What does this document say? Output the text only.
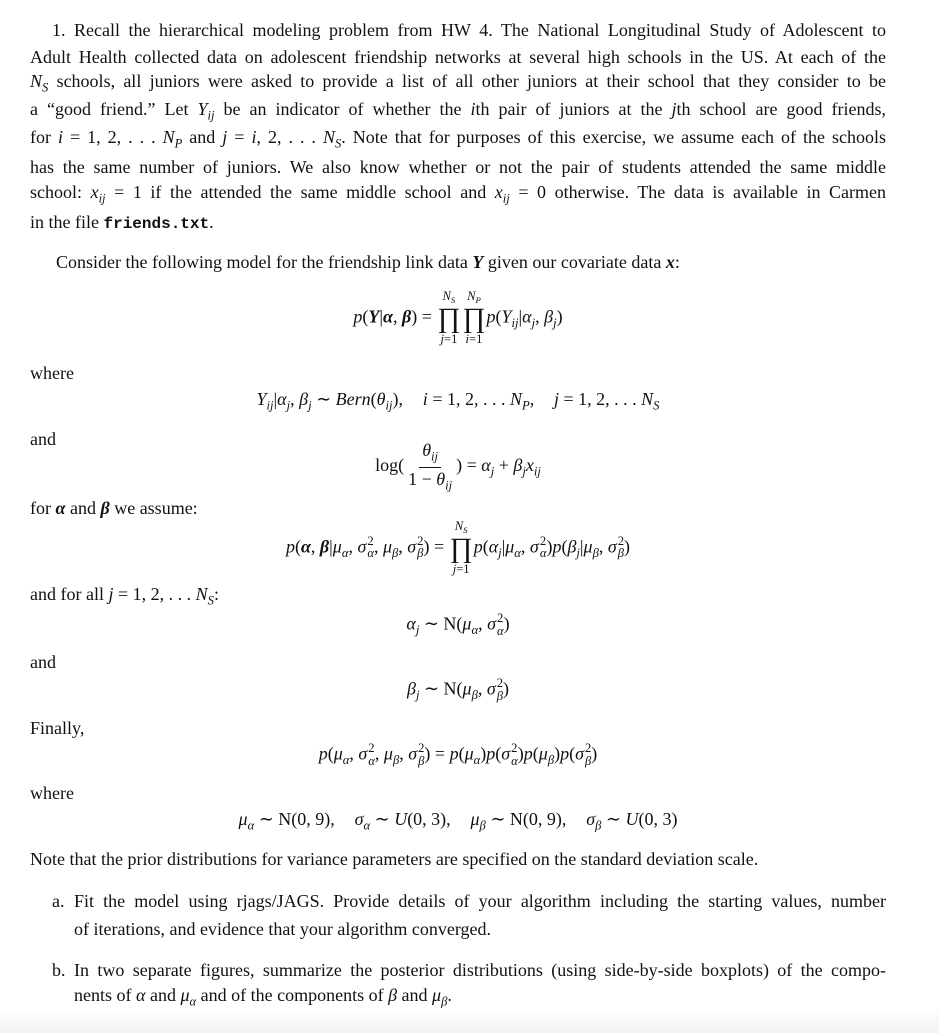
1. Recall the hierarchical modeling problem from HW 4. The National Longitudinal Study of Adolescent to
Adult Health collected data on adolescent friendship networks at several high schools in the US. At each of the
$N_S$ schools, all juniors were asked to provide a list of all other juniors at their school that they consider to be
a “good friend.” Let $Y_{ij}$ be an indicator of whether the ith pair of juniors at the jth school are good friends,
for i = 1, 2, . . . $N_P$ and j = i, 2, . . . $N_S$. Note that for purposes of this exercise, we assume each of the schools
has the same number of juniors. We also know whether or not the pair of students attended the same middle
school: $x_{ij} = 1$ if the attended the same middle school and $x_{ij} = 0$ otherwise. The data is available in Carmen
in the file friends.txt.
Consider the following model for the friendship link data Y given our covariate data x:
p(Y|α, β) =
$N_S$
∏
j=1
$N_P$
∏
i=1
$p(Y_{ij}|\alpha_j$, $\beta_j$)
where
$Y_{ij}|\alpha_j$, $\beta_j$ ∼ $Bern(\theta_{ij})$, i = 1, 2, . . . $N_P$, j = 1, 2, . . . $N_S$
and
$\log( \frac{\theta_{ij}}{1 - \theta_{ij}}$ ) = $\alpha_j + \beta_jx_{ij}$
for α and β we assume:
p(α, $\beta|\mu_\alpha$, σ 2
α , $\mu_\beta$, σ 2
β ) =
$N_S$
∏
j=1
$p(\alpha_j|\mu_\alpha$, σ 2
α )$p(\beta_j|\mu_\beta$, σ 2
β )
and for all j = 1, 2, . . . $N_S$:
$\alpha_j$ ∼ $N(\mu_\alpha$, σ 2
α )
and
$\beta_j$ ∼ $N(\mu_\beta$, σ 2
β )
Finally,
$p(\mu_\alpha$, σ 2
α , $\mu_\beta$, σ 2
β ) = $p(\mu_\alpha)p(\sigma$ 2
α )$p(\mu_\beta)p(\sigma$ 2
β )
where
$\mu_\alpha$ ∼ N(0, 9), $\sigma_\alpha$ ∼ U(0, 3), $\mu_\beta$ ∼ N(0, 9), $\sigma_\beta$ ∼ U(0, 3)
Note that the prior distributions for variance parameters are specified on the standard deviation scale.
a. Fit the model using rjags/JAGS. Provide details of your algorithm including the starting values, number
of iterations, and evidence that your algorithm converged.
b. In two separate figures, summarize the posterior distributions (using side-by-side boxplots) of the compo-
nents of α and $\mu_\alpha$ and of the components of β and $\mu_\beta$.
